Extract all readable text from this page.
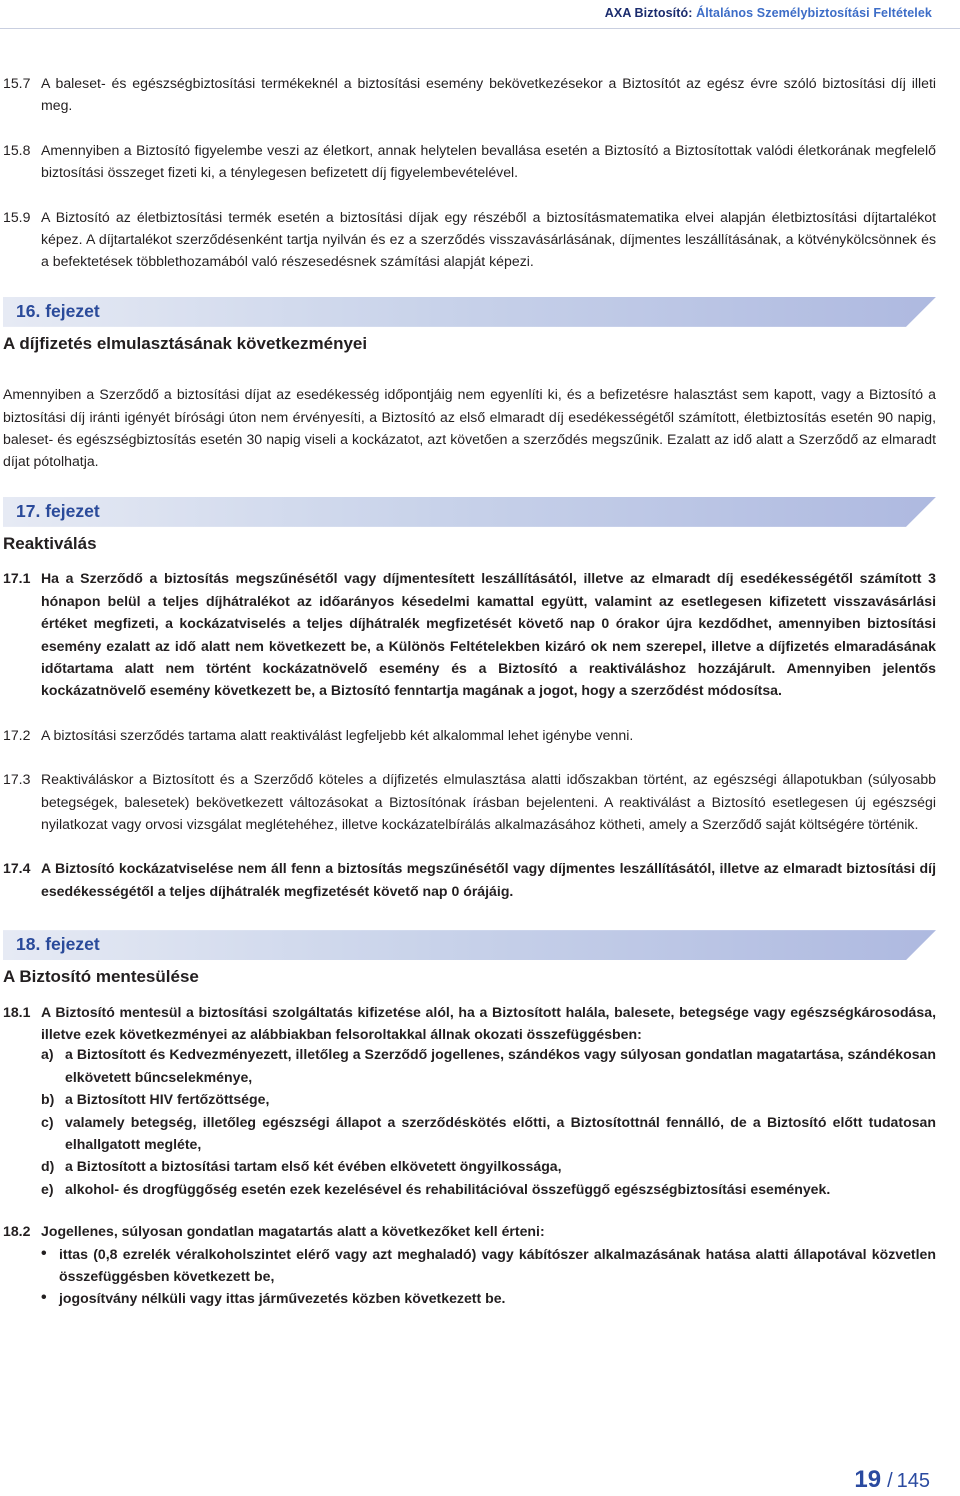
AXA Biztosító: Általános Személybiztosítási Feltételek
15.7 A baleset- és egészségbiztosítási termékeknél a biztosítási esemény bekövetkezésekor a Biztosítót az egész évre szóló biztosítási díj illeti meg.
15.8 Amennyiben a Biztosító figyelembe veszi az életkort, annak helytelen bevallása esetén a Biztosító a Biztosítottak valódi életkorának megfelelő biztosítási összeget fizeti ki, a ténylegesen befizetett díj figyelembevételével.
15.9 A Biztosító az életbiztosítási termék esetén a biztosítási díjak egy részéből a biztosításmatematika elvei alapján életbiztosítási díjtartalékot képez. A díjtartalékot szerződésenként tartja nyilván és ez a szerződés visszavásárlásának, díjmentes leszállításának, a kötvénykölcsönnek és a befektetések többlethozamából való részesedésnek számítási alapját képezi.
16. fejezet
A díjfizetés elmulasztásának következményei
Amennyiben a Szerződő a biztosítási díjat az esedékesség időpontjáig nem egyenlíti ki, és a befizetésre halasztást sem kapott, vagy a Biztosító a biztosítási díj iránti igényét bírósági úton nem érvényesíti, a Biztosító az első elmaradt díj esedékességétől számított, életbiztosítás esetén 90 napig, baleset- és egészségbiztosítás esetén 30 napig viseli a kockázatot, azt követően a szerződés megszűnik. Ezalatt az idő alatt a Szerződő az elmaradt díjat pótolhatja.
17. fejezet
Reaktiválás
17.1 Ha a Szerződő a biztosítás megszűnésétől vagy díjmentesített leszállításától, illetve az elmaradt díj esedékességétől számított 3 hónapon belül a teljes díjhátralékot az időarányos késedelmi kamattal együtt, valamint az esetlegesen kifizetett visszavásárlási értéket megfizeti, a kockázatviselés a teljes díjhátralék megfizetését követő nap 0 órakor újra kezdődhet, amennyiben biztosítási esemény ezalatt az idő alatt nem következett be, a Különös Feltételekben kizáró ok nem szerepel, illetve a díjfizetés elmaradásának időtartama alatt nem történt kockázatnövelő esemény és a Biztosító a reaktiváláshoz hozzájárult. Amennyiben jelentős kockázatnövelő esemény következett be, a Biztosító fenntartja magának a jogot, hogy a szerződést módosítsa.
17.2 A biztosítási szerződés tartama alatt reaktiválást legfeljebb két alkalommal lehet igénybe venni.
17.3 Reaktiváláskor a Biztosított és a Szerződő köteles a díjfizetés elmulasztása alatti időszakban történt, az egészségi állapotukban (súlyosabb betegségek, balesetek) bekövetkezett változásokat a Biztosítónak írásban bejelenteni. A reaktiválást a Biztosító esetlegesen új egészségi nyilatkozat vagy orvosi vizsgálat meglétehéhez, illetve kockázatelbírálás alkalmazásához kötheti, amely a Szerződő saját költségére történik.
17.4 A Biztosító kockázatviselése nem áll fenn a biztosítás megszűnésétől vagy díjmentes leszállításától, illetve az elmaradt biztosítási díj esedékességétől a teljes díjhátralék megfizetését követő nap 0 órájáig.
18. fejezet
A Biztosító mentesülése
18.1 A Biztosító mentesül a biztosítási szolgáltatás kifizetése alól, ha a Biztosított halála, balesete, betegsége vagy egészségkárosodása, illetve ezek következményei az alábbiakban felsoroltakkal állnak okozati összefüggésben:
a) a Biztosított és Kedvezményezett, illetőleg a Szerződő jogellenes, szándékos vagy súlyosan gondatlan magatartása, szándékosan elkövetett bűncselekménye,
b) a Biztosított HIV fertőzöttsége,
c) valamely betegség, illetőleg egészségi állapot a szerződéskötés előtti, a Biztosítottnál fennálló, de a Biztosító előtt tudatosan elhallgatott megléte,
d) a Biztosított a biztosítási tartam első két évében elkövetett öngyilkossága,
e) alkohol- és drogfüggőség esetén ezek kezelésével és rehabilitációval összefüggő egészségbiztosítási események.
18.2 Jogellenes, súlyosan gondatlan magatartás alatt a következőket kell érteni:
• ittas (0,8 ezrelék véralkoholszintet elérő vagy azt meghaladó) vagy kábítószer alkalmazásának hatása alatti állapotával közvetlen összefüggésben következett be,
• jogosítvány nélküli vagy ittas járművezetés közben következett be.
19 / 145
